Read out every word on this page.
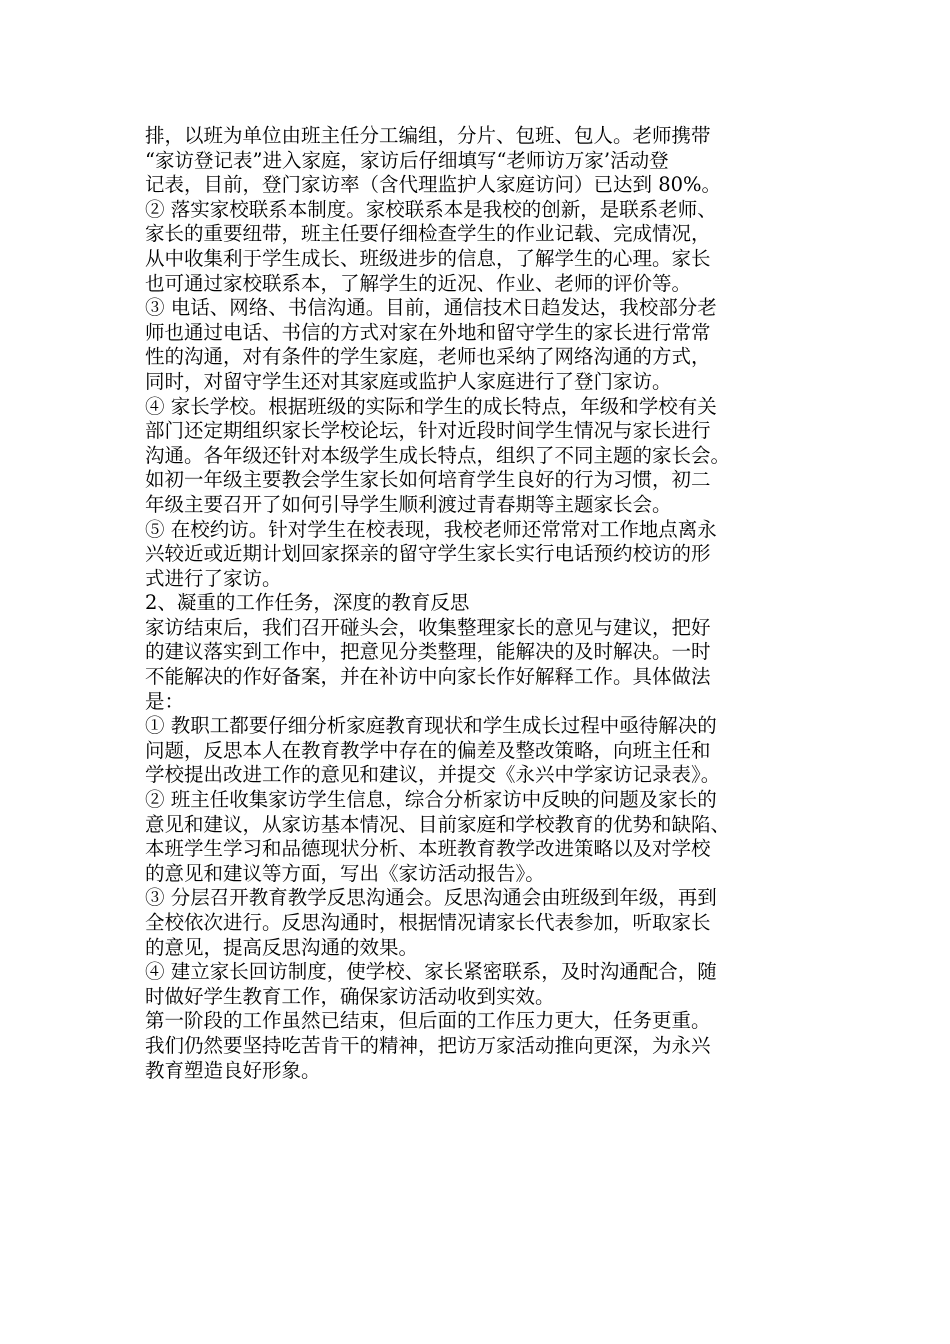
排，以班为单位由班主任分工编组，分片、包班、包人。老师携带
“家访登记表”进入家庭，家访后仔细填写“老师访万家’活动登
记表，目前，登门家访率（含代理监护人家庭访问）已达到 80%。
② 落实家校联系本制度。家校联系本是我校的创新，是联系老师、
家长的重要纽带，班主任要仔细检查学生的作业记载、完成情况，
从中收集利于学生成长、班级进步的信息，了解学生的心理。家长
也可通过家校联系本，了解学生的近况、作业、老师的评价等。
③ 电话、网络、书信沟通。目前，通信技术日趋发达，我校部分老
师也通过电话、书信的方式对家在外地和留守学生的家长进行常常
性的沟通，对有条件的学生家庭，老师也采纳了网络沟通的方式，
同时，对留守学生还对其家庭或监护人家庭进行了登门家访。
④ 家长学校。根据班级的实际和学生的成长特点，年级和学校有关
部门还定期组织家长学校论坛，针对近段时间学生情况与家长进行
沟通。各年级还针对本级学生成长特点，组织了不同主题的家长会。
如初一年级主要教会学生家长如何培育学生良好的行为习惯，初二
年级主要召开了如何引导学生顺利渡过青春期等主题家长会。
⑤ 在校约访。针对学生在校表现，我校老师还常常对工作地点离永
兴较近或近期计划回家探亲的留守学生家长实行电话预约校访的形
式进行了家访。
2、凝重的工作任务，深度的教育反思
家访结束后，我们召开碰头会，收集整理家长的意见与建议，把好
的建议落实到工作中，把意见分类整理，能解决的及时解决。一时
不能解决的作好备案，并在补访中向家长作好解释工作。具体做法
是：
① 教职工都要仔细分析家庭教育现状和学生成长过程中亟待解决的
问题，反思本人在教育教学中存在的偏差及整改策略，向班主任和
学校提出改进工作的意见和建议，并提交《永兴中学家访记录表》。
② 班主任收集家访学生信息，综合分析家访中反映的问题及家长的
意见和建议，从家访基本情况、目前家庭和学校教育的优势和缺陷、
本班学生学习和品德现状分析、本班教育教学改进策略以及对学校
的意见和建议等方面，写出《家访活动报告》。
③ 分层召开教育教学反思沟通会。反思沟通会由班级到年级，再到
全校依次进行。反思沟通时，根据情况请家长代表参加，听取家长
的意见，提高反思沟通的效果。
④ 建立家长回访制度，使学校、家长紧密联系，及时沟通配合，随
时做好学生教育工作，确保家访活动收到实效。
第一阶段的工作虽然已结束，但后面的工作压力更大，任务更重。
我们仍然要坚持吃苦肯干的精神，把访万家活动推向更深，为永兴
教育塑造良好形象。
